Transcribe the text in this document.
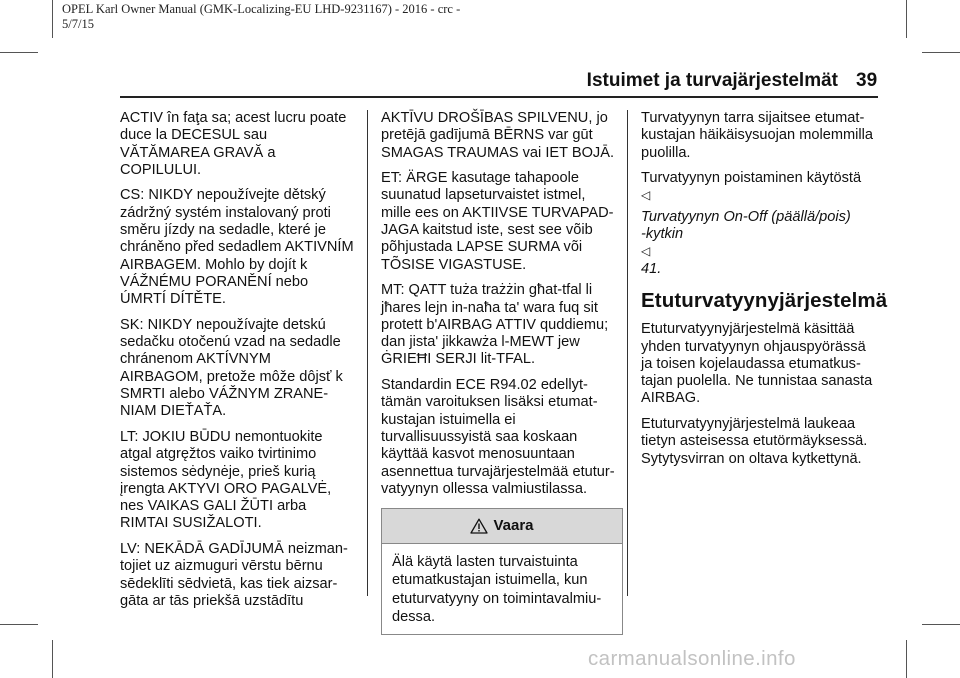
OPEL Karl Owner Manual (GMK-Localizing-EU LHD-9231167) - 2016 - crc -
5/7/15
Istuimet ja turvajärjestelmät 39

ACTIV în faţa sa; acest lucru poate
duce la DECESUL sau
VĂTĂMAREA GRAVĂ a
COPILULUI.

CS: NIKDY nepoužívejte dětský
zádržný systém instalovaný proti
směru jízdy na sedadle, které je
chráněno před sedadlem AKTIVNÍM
AIRBAGEM. Mohlo by dojít k
VÁŽNÉMU PORANĚNÍ nebo
ÚMRTÍ DÍTĚTE.

SK: NIKDY nepoužívajte detskú
sedačku otočenú vzad na sedadle
chránenom AKTÍVNYM
AIRBAGOM, pretože môže dôjsť k
SMRTI alebo VÁŽNYM ZRANE-
NIAM DIEŤAŤA.

LT: JOKIU BŪDU nemontuokite
atgal atgręžtos vaiko tvirtinimo
sistemos sėdynėje, prieš kurią
įrengta AKTYVI ORO PAGALVĖ,
nes VAIKAS GALI ŽŪTI arba
RIMTAI SUSIŽALOTI.

LV: NEKĀDĀ GADĪJUMĀ neizman-
tojiet uz aizmuguri vērstu bērnu
sēdeklīti sēdvietā, kas tiek aizsar-
gāta ar tās priekšā uzstādītu

AKTĪVU DROŠĪBAS SPILVENU, jo
pretējā gadījumā BĒRNS var gūt
SMAGAS TRAUMAS vai IET BOJĀ.

ET: ÄRGE kasutage tahapoole
suunatud lapseturvaistet istmel,
mille ees on AKTIIVSE TURVAPAD-
JAGA kaitstud iste, sest see võib
põhjustada LAPSE SURMA või
TÕSISE VIGASTUSE.

MT: QATT tuża trażżin għat-tfal li
jħares lejn in-naħa ta' wara fuq sit
protett b'AIRBAG ATTIV quddiemu;
dan jista' jikkawża l-MEWT jew
ĠRIEĦI SERJI lit-TFAL.

Standardin ECE R94.02 edellyt-
tämän varoituksen lisäksi etumat-
kustajan istuimella ei
turvallisuussyistä saa koskaan
käyttää kasvot menosuuntaan
asennettua turvajärjestelmää etutur-
vatyynyn ollessa valmiustilassa.

Vaara
Älä käytä lasten turvaistuinta
etumatkustajan istuimella, kun
etuturvatyyny on toimintavalmiu-
dessa.

Turvatyynyn tarra sijaitsee etumat-
kustajan häikäisysuojan molemmilla
puolilla.

Turvatyynyn poistaminen käytöstä
◁

Turvatyynyn On-Off (päällä/pois)
-kytkin
◁
41.

Etuturvatyynyjärjestelmä

Etuturvatyynyjärjestelmä käsittää
yhden turvatyynyn ohjauspyörässä
ja toisen kojelaudassa etumatkus-
tajan puolella. Ne tunnistaa sanasta
AIRBAG.

Etuturvatyynyjärjestelmä laukeaa
tietyn asteisessa etutörmäyksessä.
Sytytysvirran on oltava kytkettynä.

carmanualsonline.info
